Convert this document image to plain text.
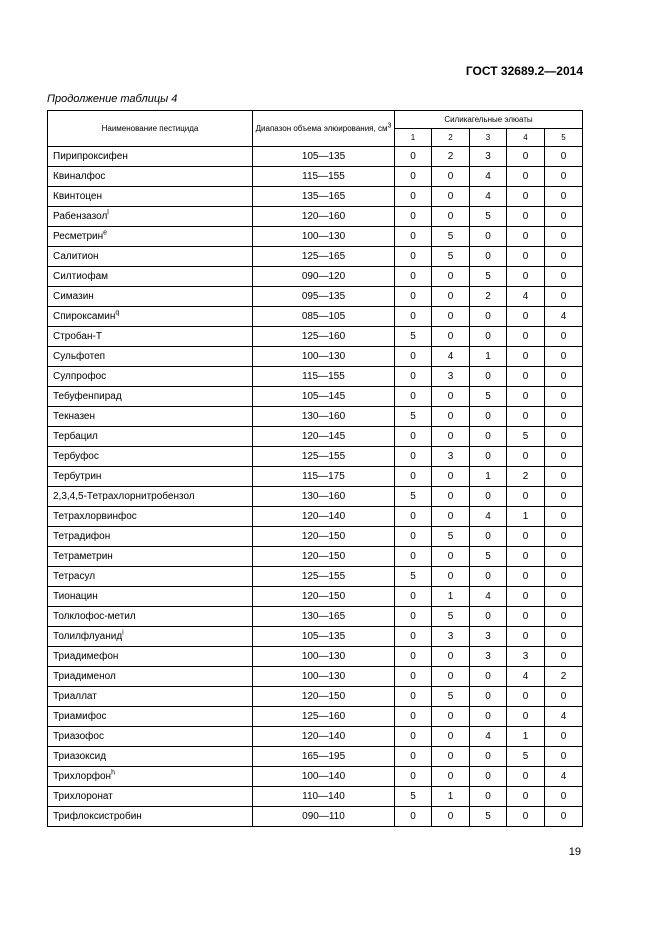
ГОСТ 32689.2—2014
Продолжение таблицы 4
Наименование пестицида	Диапазон объема элюирования, $см^3$	Силикагельные элюаты				
		1	2	3	4	5
Пирипроксифен	105—135	0	2	3	0	0
Квиналфос	115—155	0	0	4	0	0
Квинтоцен	135—165	0	0	4	0	0
Рабензазол$^l$	120—160	0	0	5	0	0
Ресметрин$^e$	100—130	0	5	0	0	0
Салитион	125—165	0	5	0	0	0
Силтиофам	090—120	0	0	5	0	0
Симазин	095—135	0	0	2	4	0
Спироксамин$^q$	085—105	0	0	0	0	4
Стробан-Т	125—160	5	0	0	0	0
Сульфотеп	100—130	0	4	1	0	0
Сулпрофос	115—155	0	3	0	0	0
Тебуфенпирад	105—145	0	0	5	0	0
Текназен	130—160	5	0	0	0	0
Тербацил	120—145	0	0	0	5	0
Тербуфос	125—155	0	3	0	0	0
Тербутрин	115—175	0	0	1	2	0
2,3,4,5-Тетрахлорнитробензол	130—160	5	0	0	0	0
Тетрахлорвинфос	120—140	0	0	4	1	0
Тетрадифон	120—150	0	5	0	0	0
Тетраметрин	120—150	0	0	5	0	0
Тетрасул	125—155	5	0	0	0	0
Тионацин	120—150	0	1	4	0	0
Толклофос-метил	130—165	0	5	0	0	0
Толилфлуанид$^i$	105—135	0	3	3	0	0
Триадимефон	100—130	0	0	3	3	0
Триадименол	100—130	0	0	0	4	2
Триаллат	120—150	0	5	0	0	0
Триамифос	125—160	0	0	0	0	4
Триазофос	120—140	0	0	4	1	0
Триазоксид	165—195	0	0	0	5	0
Трихлорфон$^h$	100—140	0	0	0	0	4
Трихлоронат	110—140	5	1	0	0	0
Трифлоксистробин	090—110	0	0	5	0	0
19
